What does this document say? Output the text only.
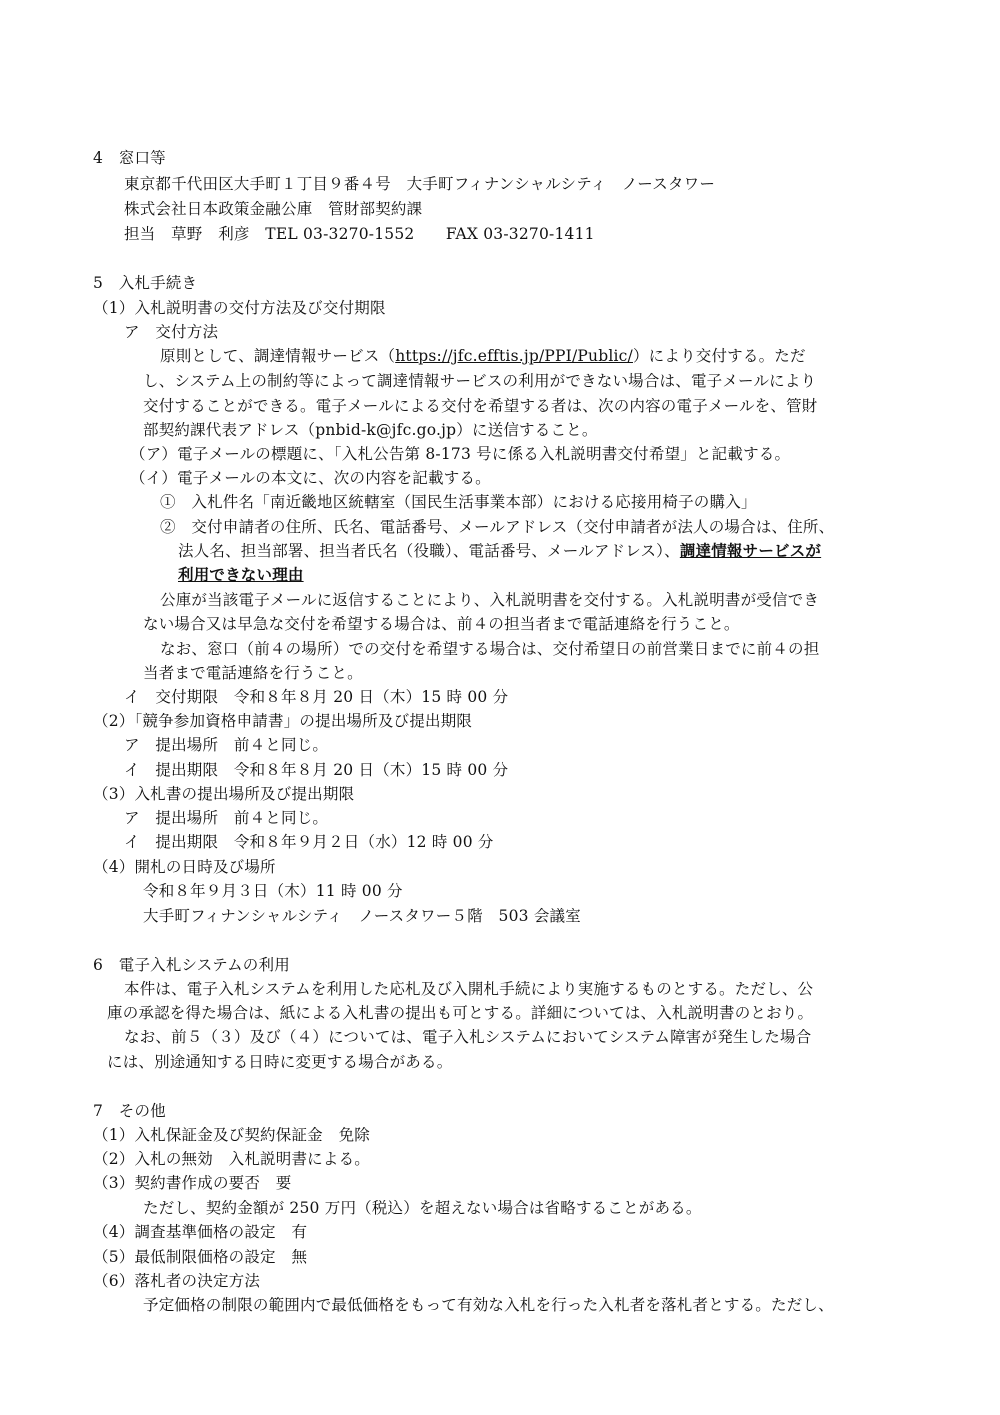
4　窓口等
東京都千代田区大手町１丁目９番４号　大手町フィナンシャルシティ　ノースタワー
株式会社日本政策金融公庫　管財部契約課
担当　草野　利彦　TEL 03-3270-1552　　FAX 03-3270-1411
5　入札手続き
（1）入札説明書の交付方法及び交付期限
ア　交付方法
原則として、調達情報サービス（https://jfc.efftis.jp/PPI/Public/）により交付する。ただ
し、システム上の制約等によって調達情報サービスの利用ができない場合は、電子メールにより
交付することができる。電子メールによる交付を希望する者は、次の内容の電子メールを、管財
部契約課代表アドレス（pnbid-k@jfc.go.jp）に送信すること。
（ア）電子メールの標題に、「入札公告第 8-173 号に係る入札説明書交付希望」と記載する。
（イ）電子メールの本文に、次の内容を記載する。
①　入札件名「南近畿地区統轄室（国民生活事業本部）における応接用椅子の購入」
②　交付申請者の住所、氏名、電話番号、メールアドレス（交付申請者が法人の場合は、住所、
法人名、担当部署、担当者氏名（役職）、電話番号、メールアドレス）、調達情報サービスが
利用できない理由
公庫が当該電子メールに返信することにより、入札説明書を交付する。入札説明書が受信でき
ない場合又は早急な交付を希望する場合は、前４の担当者まで電話連絡を行うこと。
なお、窓口（前４の場所）での交付を希望する場合は、交付希望日の前営業日までに前４の担
当者まで電話連絡を行うこと。
イ　交付期限　令和８年８月 20 日（木）15 時 00 分
（2）「競争参加資格申請書」の提出場所及び提出期限
ア　提出場所　前４と同じ。
イ　提出期限　令和８年８月 20 日（木）15 時 00 分
（3）入札書の提出場所及び提出期限
ア　提出場所　前４と同じ。
イ　提出期限　令和８年９月２日（水）12 時 00 分
（4）開札の日時及び場所
令和８年９月３日（木）11 時 00 分
大手町フィナンシャルシティ　ノースタワー５階　503 会議室
6　電子入札システムの利用
本件は、電子入札システムを利用した応札及び入開札手続により実施するものとする。ただし、公
庫の承認を得た場合は、紙による入札書の提出も可とする。詳細については、入札説明書のとおり。
なお、前５（３）及び（４）については、電子入札システムにおいてシステム障害が発生した場合
には、別途通知する日時に変更する場合がある。
7　その他
（1）入札保証金及び契約保証金　免除
（2）入札の無効　入札説明書による。
（3）契約書作成の要否　要
ただし、契約金額が 250 万円（税込）を超えない場合は省略することがある。
（4）調査基準価格の設定　有
（5）最低制限価格の設定　無
（6）落札者の決定方法
予定価格の制限の範囲内で最低価格をもって有効な入札を行った入札者を落札者とする。ただし、
